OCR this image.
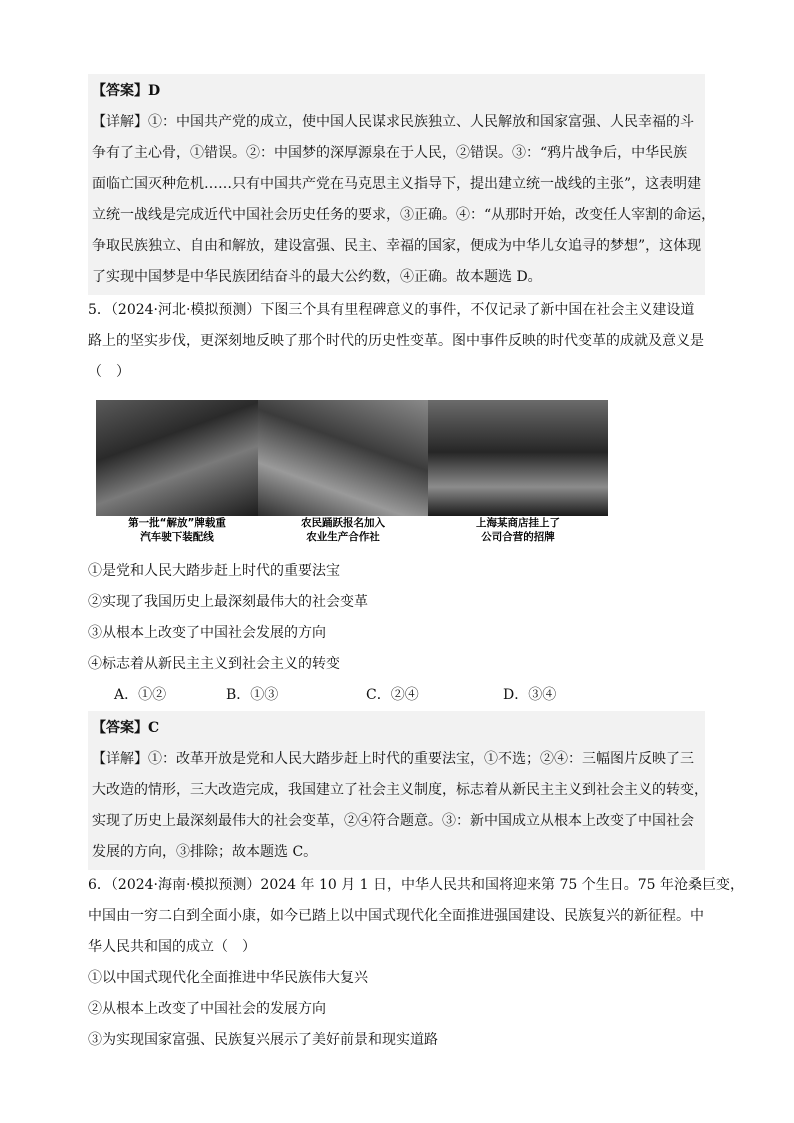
【答案】D
【详解】①：中国共产党的成立，使中国人民谋求民族独立、人民解放和国家富强、人民幸福的斗
争有了主心骨，①错误。②：中国梦的深厚源泉在于人民，②错误。③：“鸦片战争后，中华民族
面临亡国灭种危机……只有中国共产党在马克思主义指导下，提出建立统一战线的主张”，这表明建
立统一战线是完成近代中国社会历史任务的要求，③正确。④：“从那时开始，改变任人宰割的命运，
争取民族独立、自由和解放，建设富强、民主、幸福的国家，便成为中华儿女追寻的梦想”，这体现
了实现中国梦是中华民族团结奋斗的最大公约数，④正确。故本题选 D。
5．（2024·河北·模拟预测）下图三个具有里程碑意义的事件，不仅记录了新中国在社会主义建设道
路上的坚实步伐，更深刻地反映了那个时代的历史性变革。图中事件反映的时代变革的成就及意义是
（　）
第一批“解放”牌载重
汽车驶下装配线
农民踊跃报名加入
农业生产合作社
上海某商店挂上了
公司合营的招牌
①是党和人民大踏步赶上时代的重要法宝
②实现了我国历史上最深刻最伟大的社会变革
③从根本上改变了中国社会发展的方向
④标志着从新民主主义到社会主义的转变
A．①②	B．①③	C．②④	D．③④
【答案】C
【详解】①：改革开放是党和人民大踏步赶上时代的重要法宝，①不选；②④：三幅图片反映了三
大改造的情形，三大改造完成，我国建立了社会主义制度，标志着从新民主主义到社会主义的转变，
实现了历史上最深刻最伟大的社会变革，②④符合题意。③：新中国成立从根本上改变了中国社会
发展的方向，③排除；故本题选 C。
6．（2024·海南·模拟预测）2024 年 10 月 1 日，中华人民共和国将迎来第 75 个生日。75 年沧桑巨变，
中国由一穷二白到全面小康，如今已踏上以中国式现代化全面推进强国建设、民族复兴的新征程。中
华人民共和国的成立（　）
①以中国式现代化全面推进中华民族伟大复兴
②从根本上改变了中国社会的发展方向
③为实现国家富强、民族复兴展示了美好前景和现实道路
